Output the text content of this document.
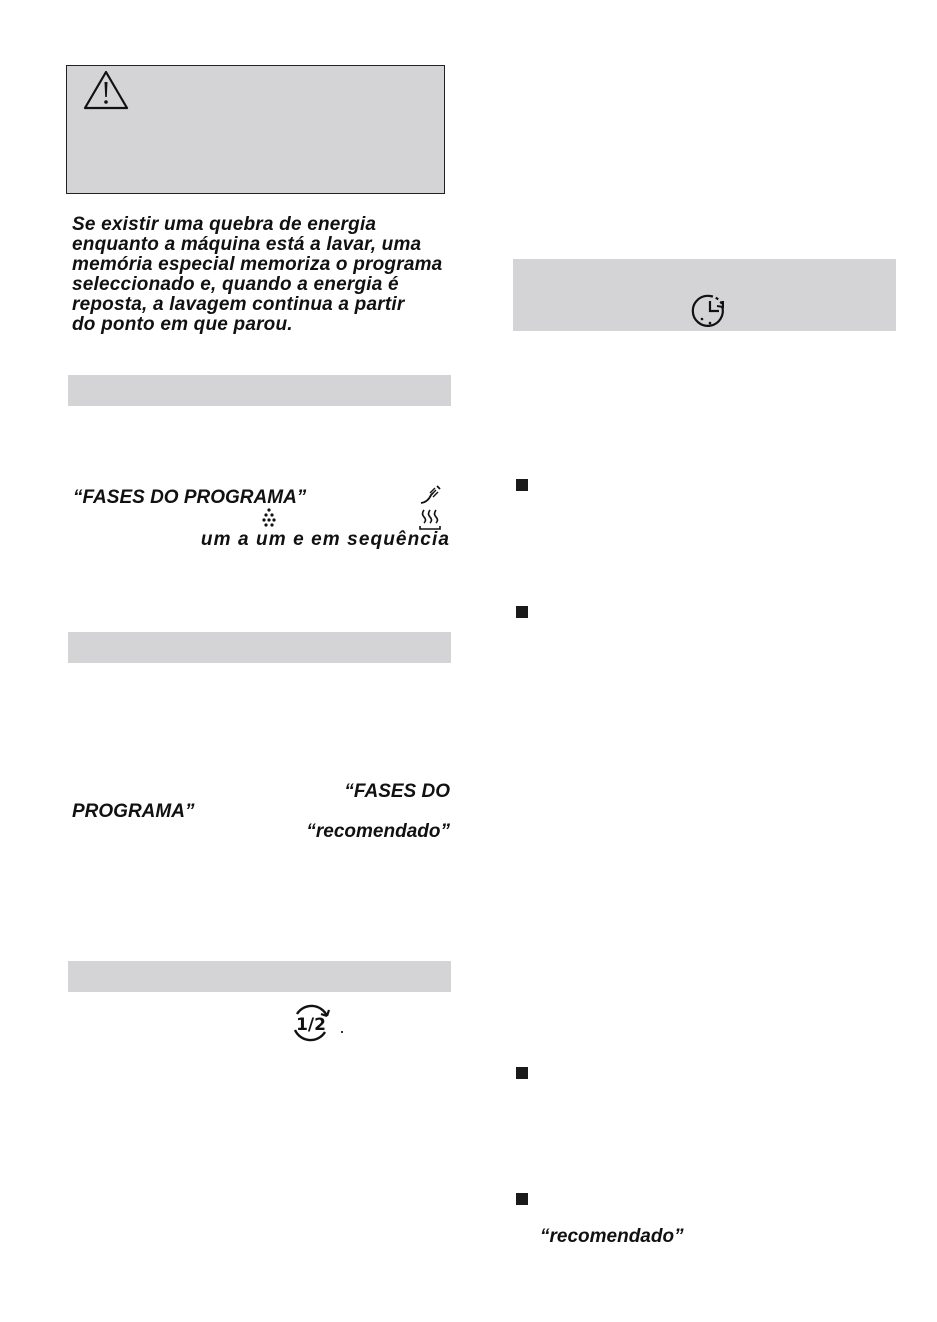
Se existir uma quebra de energia
enquanto a máquina está a lavar, uma
memória especial memoriza o programa
seleccionado e, quando a energia é
reposta, a lavagem continua a partir
do ponto em que parou.
“FASES DO PROGRAMA”
um a um e em sequência
“FASES DO
PROGRAMA”
“recomendado”
1/2
“recomendado”
